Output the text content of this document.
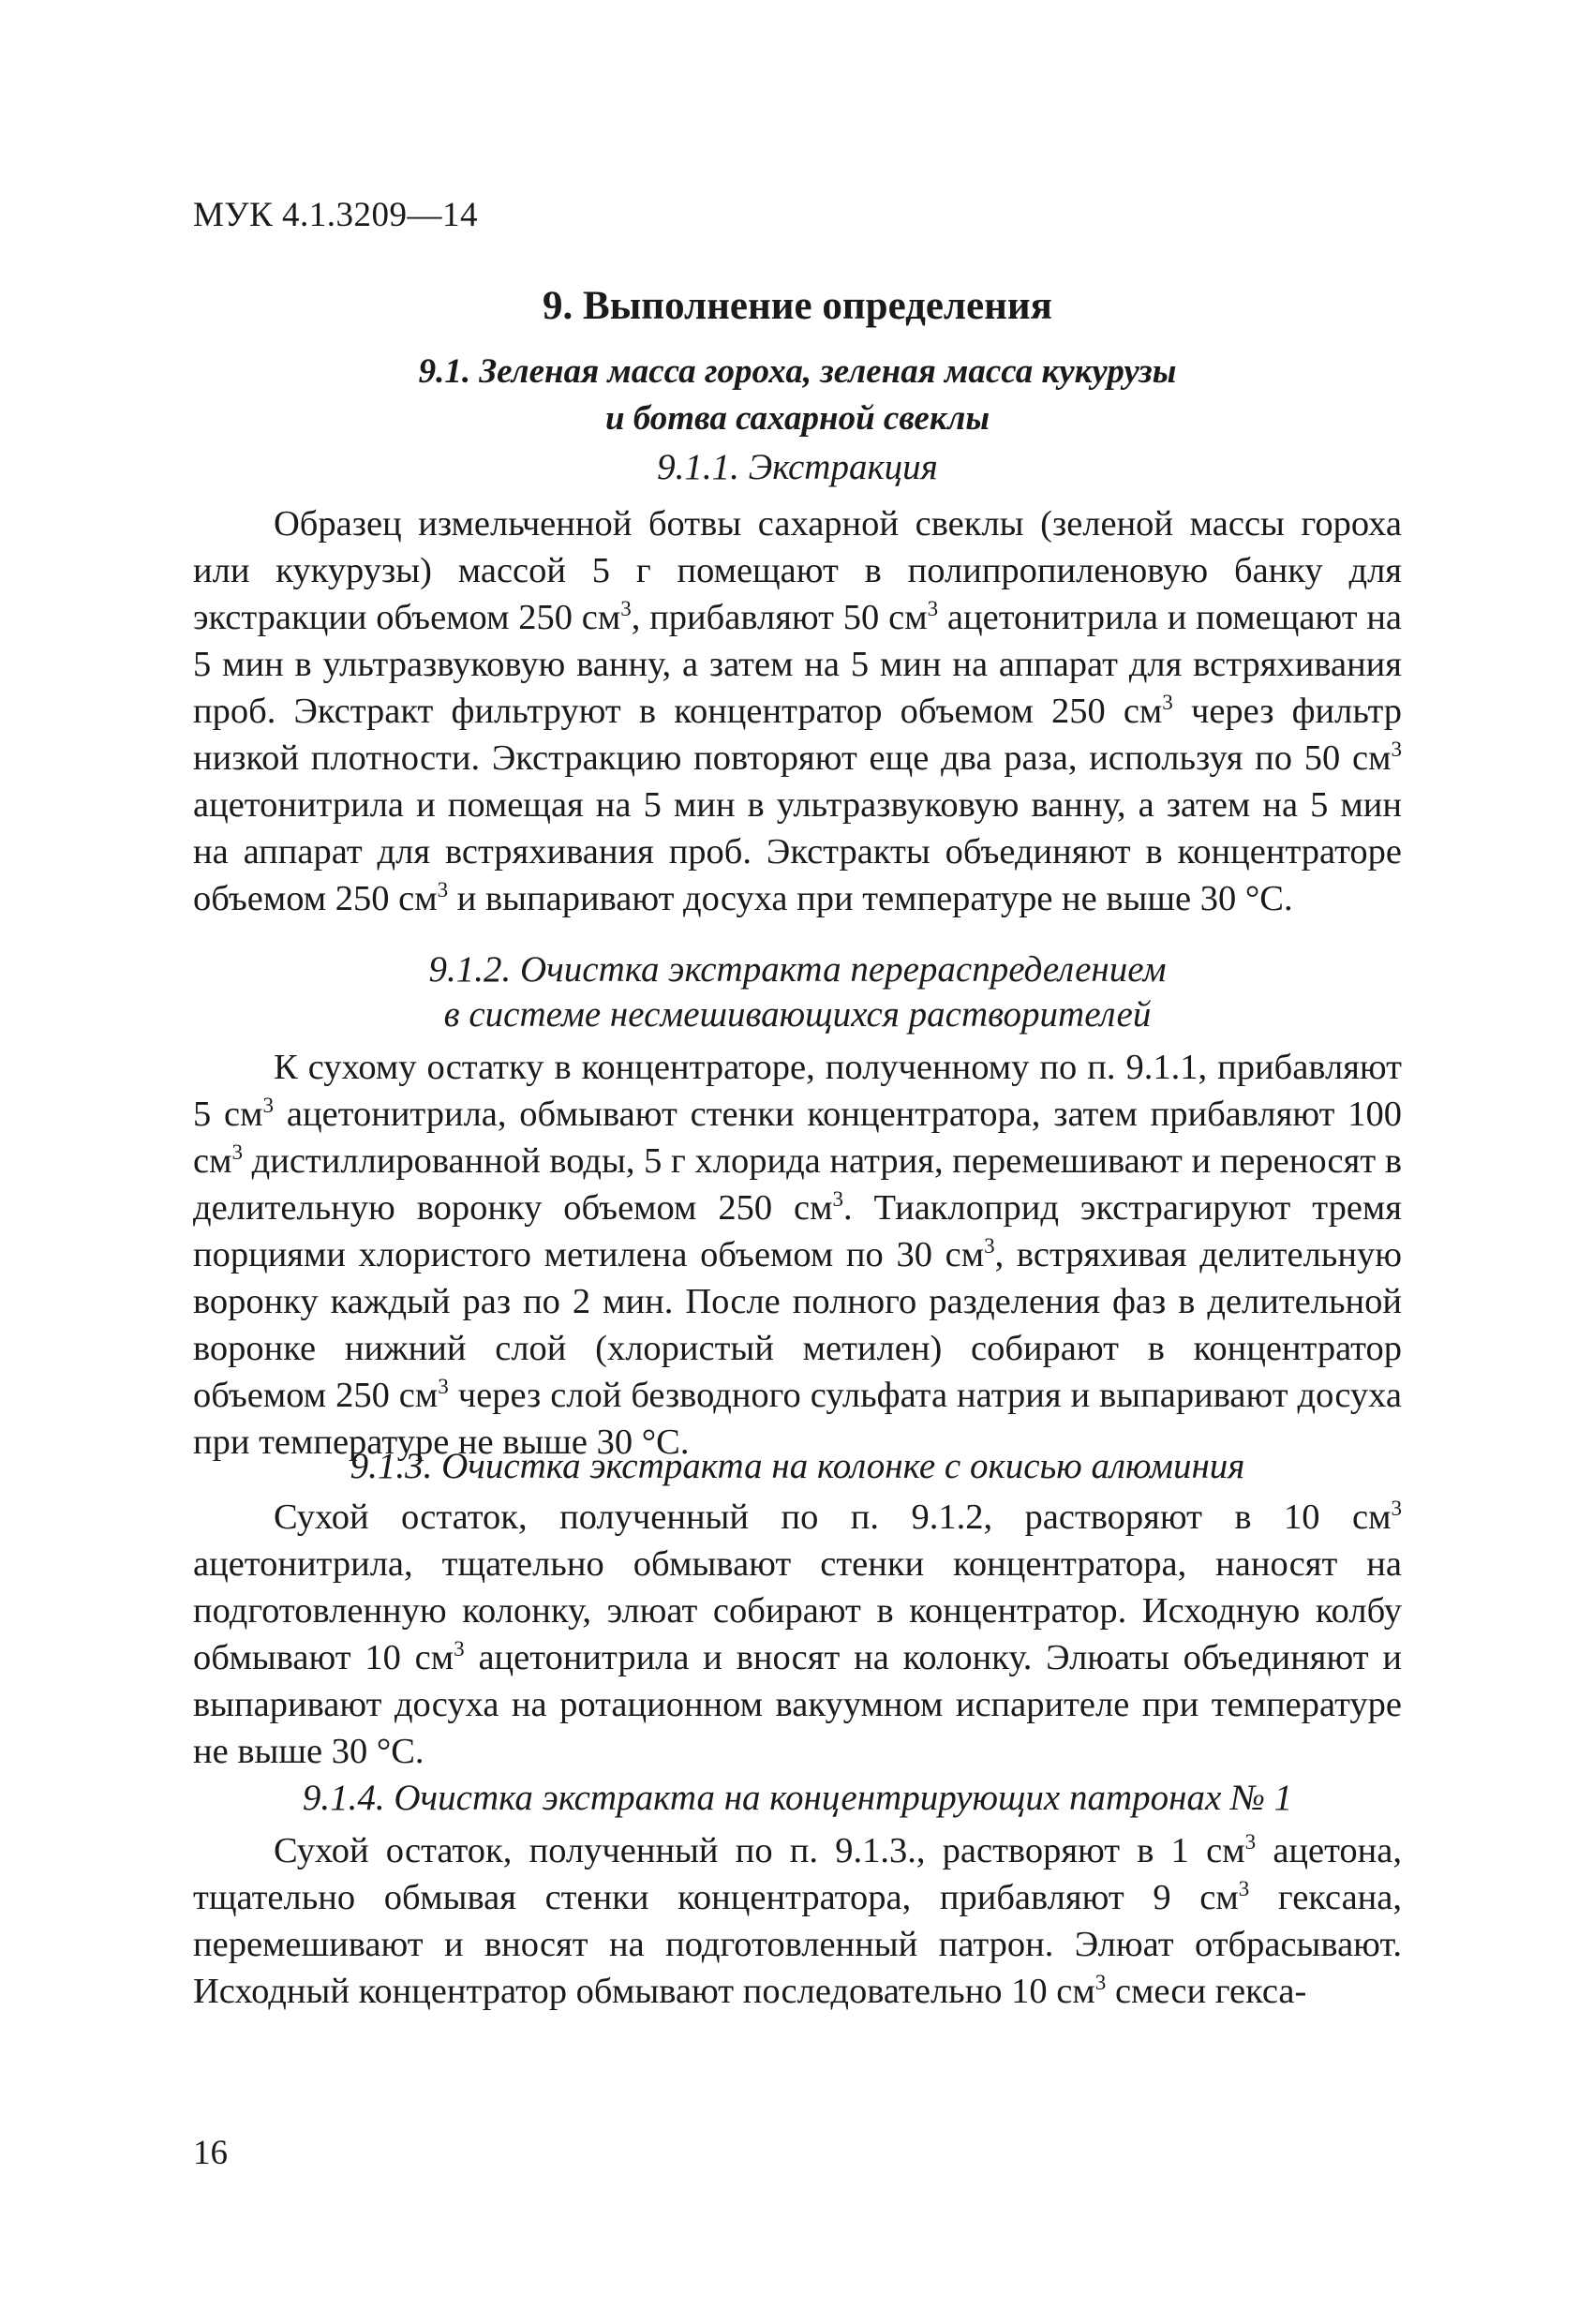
МУК 4.1.3209—14
9. Выполнение определения
9.1. Зеленая масса гороха, зеленая масса кукурузы
и ботва сахарной свеклы
9.1.1. Экстракция

Образец измельченной ботвы сахарной свеклы (зеленой массы гороха или кукурузы) массой 5 г помещают в полипропиленовую банку для экстракции объемом 250 $см^3$, прибавляют 50 $см^3$ ацетонитрила и помещают на 5 мин в ультразвуковую ванну, а затем на 5 мин на аппарат для встряхивания проб. Экстракт фильтруют в концентратор объемом 250 $см^3$ через фильтр низкой плотности. Экстракцию повторяют еще два раза, используя по 50 $см^3$ ацетонитрила и помещая на 5 мин в ультразвуковую ванну, а затем на 5 мин на аппарат для встряхивания проб. Экстракты объединяют в концентраторе объемом 250 $см^3$ и выпаривают досуха при температуре не выше 30 °С.

9.1.2. Очистка экстракта перераспределением
в системе несмешивающихся растворителей

К сухому остатку в концентраторе, полученному по п. 9.1.1, прибавляют 5 $см^3$ ацетонитрила, обмывают стенки концентратора, затем прибавляют 100 $см^3$ дистиллированной воды, 5 г хлорида натрия, перемешивают и переносят в делительную воронку объемом 250 $см^3$. Тиаклоприд экстрагируют тремя порциями хлористого метилена объемом по 30 $см^3$, встряхивая делительную воронку каждый раз по 2 мин. После полного разделения фаз в делительной воронке нижний слой (хлористый метилен) собирают в концентратор объемом 250 $см^3$ через слой безводного сульфата натрия и выпаривают досуха при температуре не выше 30 °С.

9.1.3. Очистка экстракта на колонке с окисью алюминия

Сухой остаток, полученный по п. 9.1.2, растворяют в 10 $см^3$ ацетонитрила, тщательно обмывают стенки концентратора, наносят на подготовленную колонку, элюат собирают в концентратор. Исходную колбу обмывают 10 $см^3$ ацетонитрила и вносят на колонку. Элюаты объединяют и выпаривают досуха на ротационном вакуумном испарителе при температуре не выше 30 °С.

9.1.4. Очистка экстракта на концентрирующих патронах № 1

Сухой остаток, полученный по п. 9.1.3., растворяют в 1 $см^3$ ацетона, тщательно обмывая стенки концентратора, прибавляют 9 $см^3$ гексана, перемешивают и вносят на подготовленный патрон. Элюат отбрасывают. Исходный концентратор обмывают последовательно 10 $см^3$ смеси гекса-

16
